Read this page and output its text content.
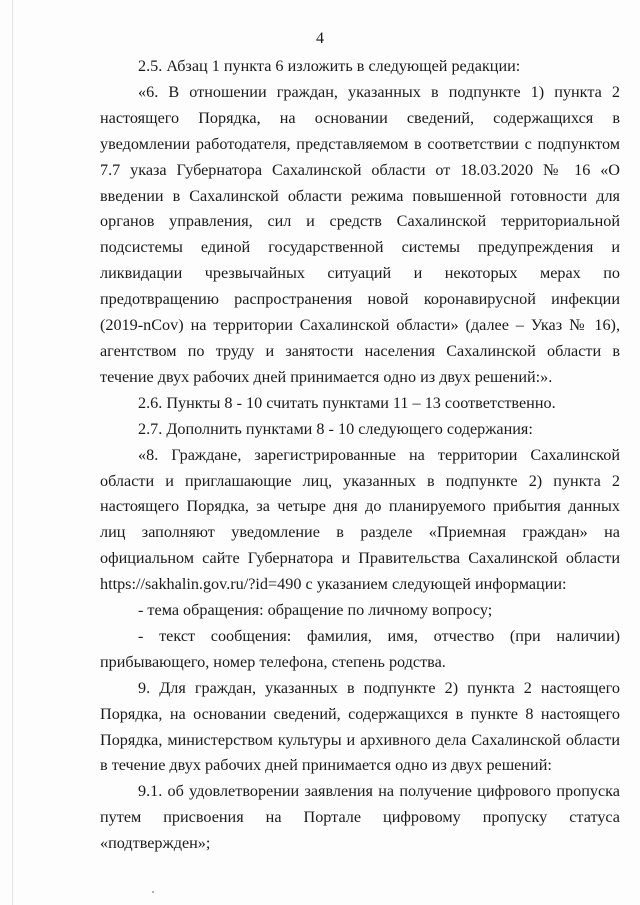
4

2.5. Абзац 1 пункта 6 изложить в следующей редакции:

«6. В отношении граждан, указанных в подпункте 1) пункта 2 настоящего Порядка, на основании сведений, содержащихся в уведомлении работодателя, представляемом в соответствии с подпунктом 7.7 указа Губернатора Сахалинской области от 18.03.2020 № 16 «О введении в Сахалинской области режима повышенной готовности для органов управления, сил и средств Сахалинской территориальной подсистемы единой государственной системы предупреждения и ликвидации чрезвычайных ситуаций и некоторых мерах по предотвращению распространения новой коронавирусной инфекции (2019-nCov) на территории Сахалинской области» (далее – Указ № 16), агентством по труду и занятости населения Сахалинской области в течение двух рабочих дней принимается одно из двух решений:».

2.6. Пункты 8 - 10 считать пунктами 11 – 13 соответственно.

2.7. Дополнить пунктами 8 - 10 следующего содержания:

«8. Граждане, зарегистрированные на территории Сахалинской области и приглашающие лиц, указанных в подпункте 2) пункта 2 настоящего Порядка, за четыре дня до планируемого прибытия данных лиц заполняют уведомление в разделе «Приемная граждан» на официальном сайте Губернатора и Правительства Сахалинской области https://sakhalin.gov.ru/?id=490 с указанием следующей информации:

- тема обращения: обращение по личному вопросу;

- текст сообщения: фамилия, имя, отчество (при наличии) прибывающего, номер телефона, степень родства.

9. Для граждан, указанных в подпункте 2) пункта 2 настоящего Порядка, на основании сведений, содержащихся в пункте 8 настоящего Порядка, министерством культуры и архивного дела Сахалинской области в течение двух рабочих дней принимается одно из двух решений:

9.1. об удовлетворении заявления на получение цифрового пропуска путем присвоения на Портале цифровому пропуску статуса «подтвержден»;
